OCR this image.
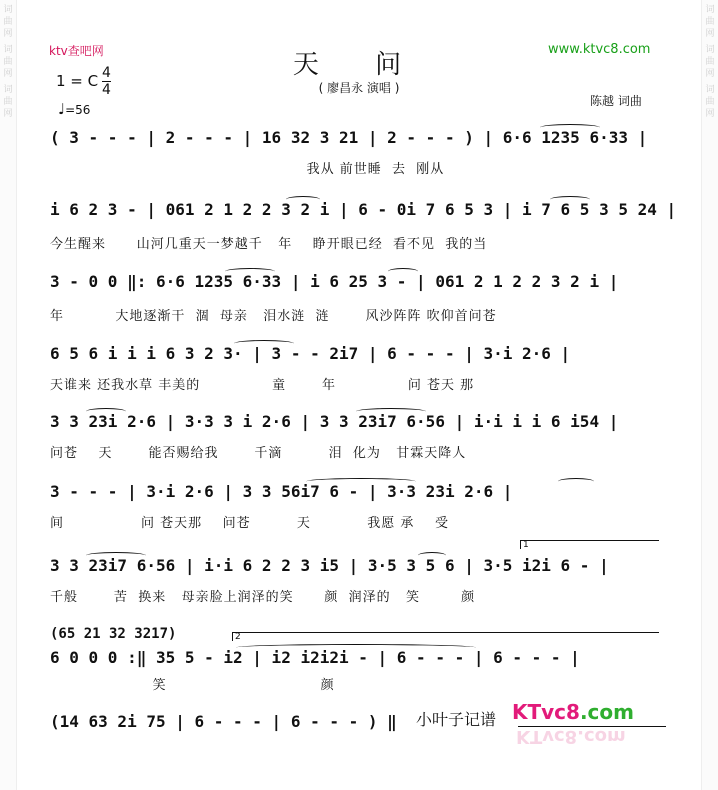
词曲网
词曲网
词曲网
词曲网
词曲网
词曲网
ktv查吧网	www.ktvc8.com
天 问
( 廖昌永 演唱 )
1 = C 4
4
♩=56
陈越 词曲
( 3 - - - | 2 - - - | 16 32 3 21 | 2 - - - ) | 6·6 1235 6·33 |
我从 前世睡  去  刚从
i 6 2 3 - | 061 2 1 2 2 3 2 i | 6 - 0i 7 6 5 3 | i 7 6 5 3 5 24 |
今生醒来      山河几重天一梦越千   年    睁开眼已经  看不见  我的当
3 - 0 0 ‖: 6·6 1235 6·33 | i 6 25 3 - | 061 2 1 2 2 3 2 i |
年          大地逐渐干  涸  母亲   泪水涟  涟       风沙阵阵 吹仰首问苍
6 5 6 i i i 6 3 2 3· | 3 - - 2i7 | 6 - - - | 3·i 2·6 |
天谁来 还我水草 丰美的              童       年              问 苍天 那
3 3 23i 2·6 | 3·3 3 i 2·6 | 3 3 23i7 6·56 | i·i i i 6 i54 |
问苍    天       能否赐给我       千滴         泪  化为   甘霖天降人
3 - - - | 3·i 2·6 | 3 3 56i7 6 - | 3·3 23i 2·6 |
间               问 苍天那    问苍         天           我愿 承    受
1
3 3 23i7 6·56 | i·i 6 2 2 3 i5 | 3·5 3 5 6 | 3·5 i2i 6 - |
千般       苦  换来   母亲脸上润泽的笑      颜  润泽的   笑        颜
(65 21 32 3217)	2
6 0 0 0 :‖ 35 5 - i2 | i2 i2i2i - | 6 - - - | 6 - - - |
笑                              颜
(14 63 2i 75 | 6 - - - | 6 - - - ) ‖ 小叶子记谱 KTvc8.com
KTvc8.com
